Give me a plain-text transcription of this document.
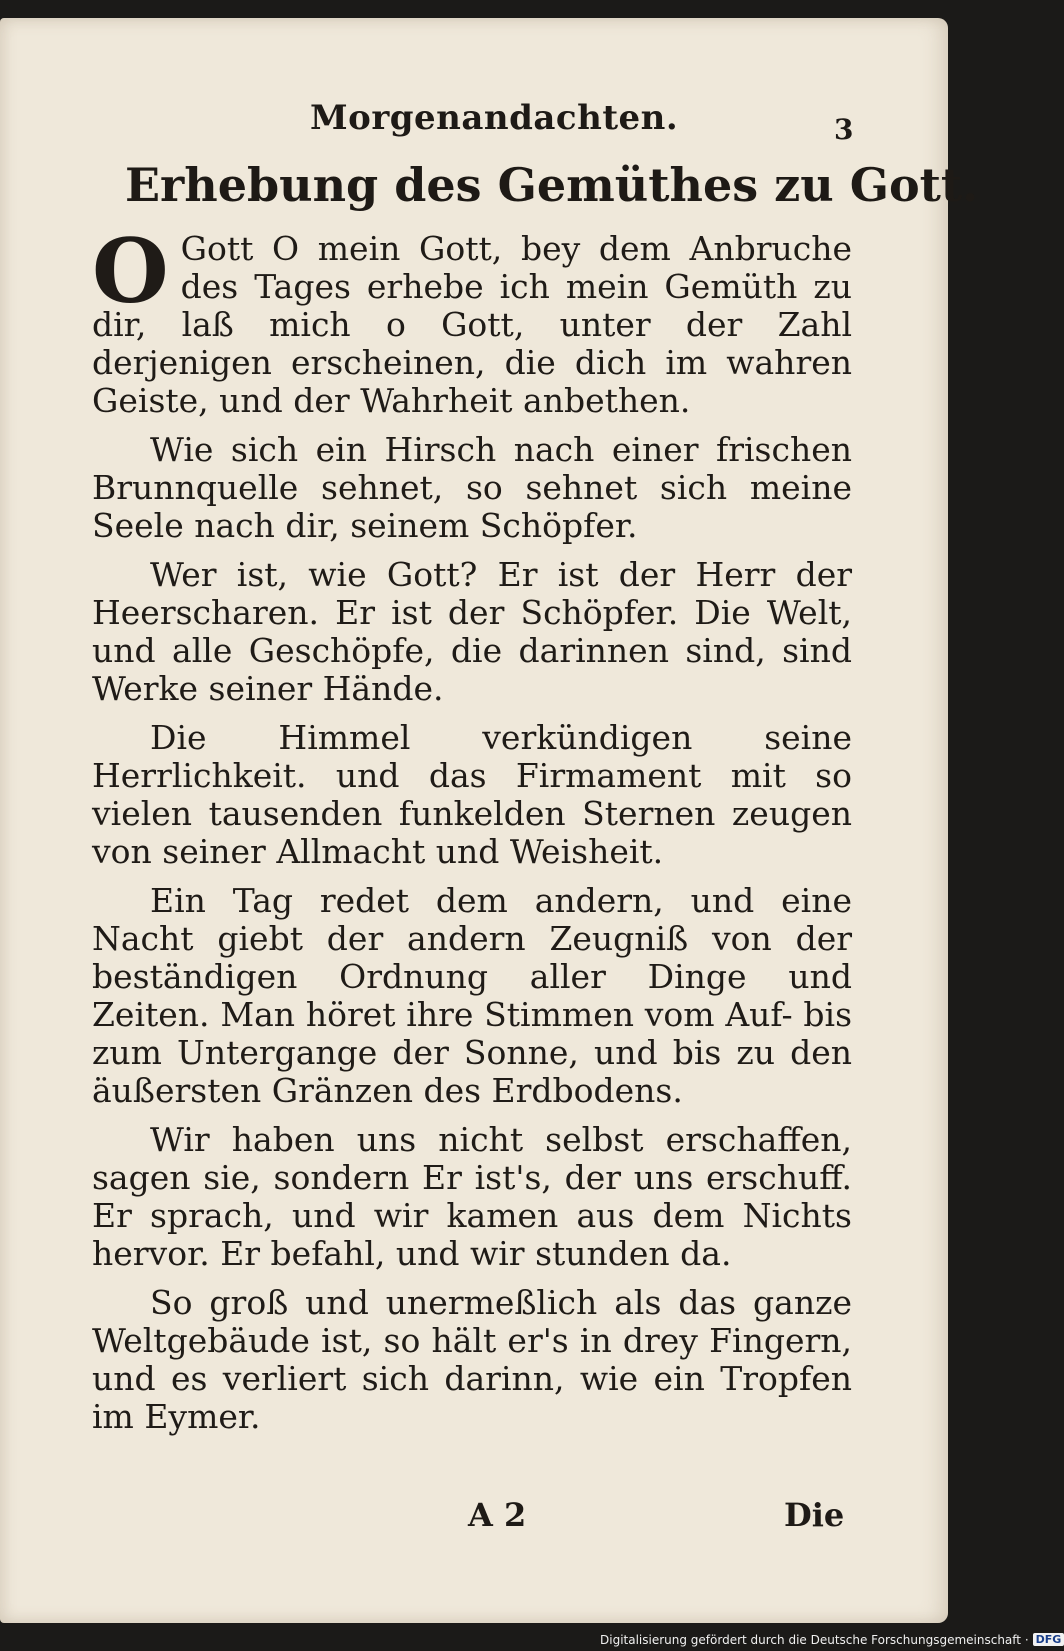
Morgenandachten.	3
Erhebung des Gemüthes zu Gott.

O Gott O mein Gott, bey dem Anbruche des Tages erhebe ich mein Gemüth zu dir, laß mich o Gott, unter der Zahl derjenigen erscheinen, die dich im wahren Geiste, und der Wahrheit anbethen.

Wie sich ein Hirsch nach einer frischen Brunnquelle sehnet, so sehnet sich meine Seele nach dir, seinem Schöpfer.

Wer ist, wie Gott? Er ist der Herr der Heerscharen. Er ist der Schöpfer. Die Welt, und alle Geschöpfe, die darinnen sind, sind Werke seiner Hände.

Die Himmel verkündigen seine Herrlichkeit. und das Firmament mit so vielen tausenden funkelden Sternen zeugen von seiner Allmacht und Weisheit.

Ein Tag redet dem andern, und eine Nacht giebt der andern Zeugniß von der beständigen Ordnung aller Dinge und Zeiten. Man höret ihre Stimmen vom Auf- bis zum Untergange der Sonne, und bis zu den äußersten Gränzen des Erdbodens.

Wir haben uns nicht selbst erschaffen, sagen sie, sondern Er ist's, der uns erschuff. Er sprach, und wir kamen aus dem Nichts hervor. Er befahl, und wir stunden da.

So groß und unermeßlich als das ganze Weltgebäude ist, so hält er's in drey Fingern, und es verliert sich darinn, wie ein Tropfen im Eymer.

A 2	Die
Digitalisierung gefördert durch die Deutsche Forschungsgemeinschaft · DFG
